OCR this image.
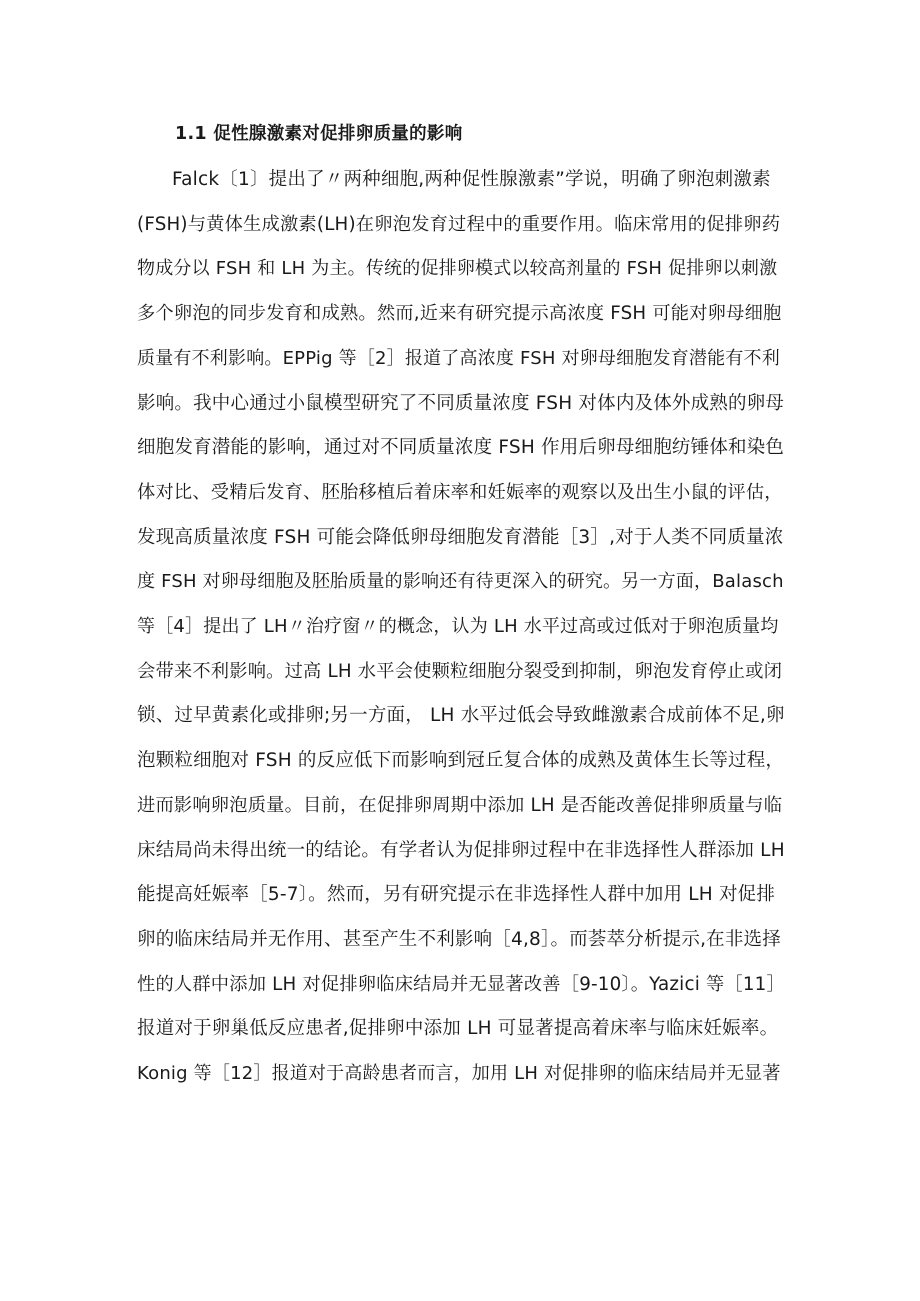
1.1 促性腺激素对促排卵质量的影响
Falck〔1〕提出了〃两种细胞,两种促性腺激素”学说，明确了卵泡刺激素
(FSH)与黄体生成激素(LH)在卵泡发育过程中的重要作用。临床常用的促排卵药
物成分以 FSH 和 LH 为主。传统的促排卵模式以较高剂量的 FSH 促排卵以刺激
多个卵泡的同步发育和成熟。然而,近来有研究提示高浓度 FSH 可能对卵母细胞
质量有不利影响。EPPig 等［2］报道了高浓度 FSH 对卵母细胞发育潜能有不利
影响。我中心通过小鼠模型研究了不同质量浓度 FSH 对体内及体外成熟的卵母
细胞发育潜能的影响，通过对不同质量浓度 FSH 作用后卵母细胞纺锤体和染色
体对比、受精后发育、胚胎移植后着床率和妊娠率的观察以及出生小鼠的评估，
发现高质量浓度 FSH 可能会降低卵母细胞发育潜能［3］,对于人类不同质量浓
度 FSH 对卵母细胞及胚胎质量的影响还有待更深入的研究。另一方面，Balasch
等［4］提出了 LH〃治疗窗〃的概念，认为 LH 水平过高或过低对于卵泡质量均
会带来不利影响。过高 LH 水平会使颗粒细胞分裂受到抑制，卵泡发育停止或闭
锁、过早黄素化或排卵;另一方面， LH 水平过低会导致雌激素合成前体不足,卵
泡颗粒细胞对 FSH 的反应低下而影响到冠丘复合体的成熟及黄体生长等过程，
进而影响卵泡质量。目前，在促排卵周期中添加 LH 是否能改善促排卵质量与临
床结局尚未得出统一的结论。有学者认为促排卵过程中在非选择性人群添加 LH
能提高妊娠率［5-7〕。然而，另有研究提示在非选择性人群中加用 LH 对促排
卵的临床结局并无作用、甚至产生不利影响［4,8］。而荟萃分析提示,在非选择
性的人群中添加 LH 对促排卵临床结局并无显著改善［9-10〕。Yazici 等［11］
报道对于卵巢低反应患者,促排卵中添加 LH 可显著提高着床率与临床妊娠率。
Konig 等［12］报道对于高龄患者而言，加用 LH 对促排卵的临床结局并无显著
